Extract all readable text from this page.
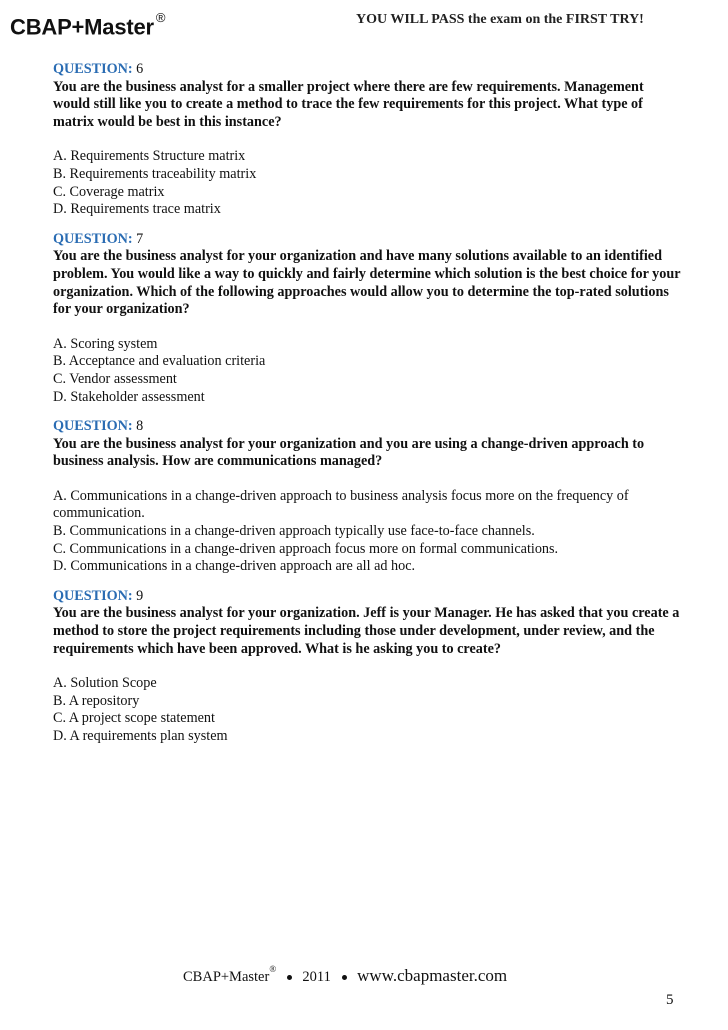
CBAP+Master ®	YOU WILL PASS the exam on the FIRST TRY!
QUESTION: 6
You are the business analyst for a smaller project where there are few requirements. Management would still like you to create a method to trace the few requirements for this project. What type of matrix would be best in this instance?
A. Requirements Structure matrix
B. Requirements traceability matrix
C. Coverage matrix
D. Requirements trace matrix
QUESTION: 7
You are the business analyst for your organization and have many solutions available to an identified problem. You would like a way to quickly and fairly determine which solution is the best choice for your organization. Which of the following approaches would allow you to determine the top-rated solutions for your organization?
A. Scoring system
B. Acceptance and evaluation criteria
C. Vendor assessment
D. Stakeholder assessment
QUESTION: 8
You are the business analyst for your organization and you are using a change-driven approach to business analysis. How are communications managed?
A. Communications in a change-driven approach to business analysis focus more on the frequency of communication.
B. Communications in a change-driven approach typically use face-to-face channels.
C. Communications in a change-driven approach focus more on formal communications.
D. Communications in a change-driven approach are all ad hoc.
QUESTION: 9
You are the business analyst for your organization. Jeff is your Manager. He has asked that you create a method to store the project requirements including those under development, under review, and the requirements which have been approved. What is he asking you to create?
A. Solution Scope
B. A repository
C. A project scope statement
D. A requirements plan system
CBAP+Master® 2011 www.cbapmaster.com
5
